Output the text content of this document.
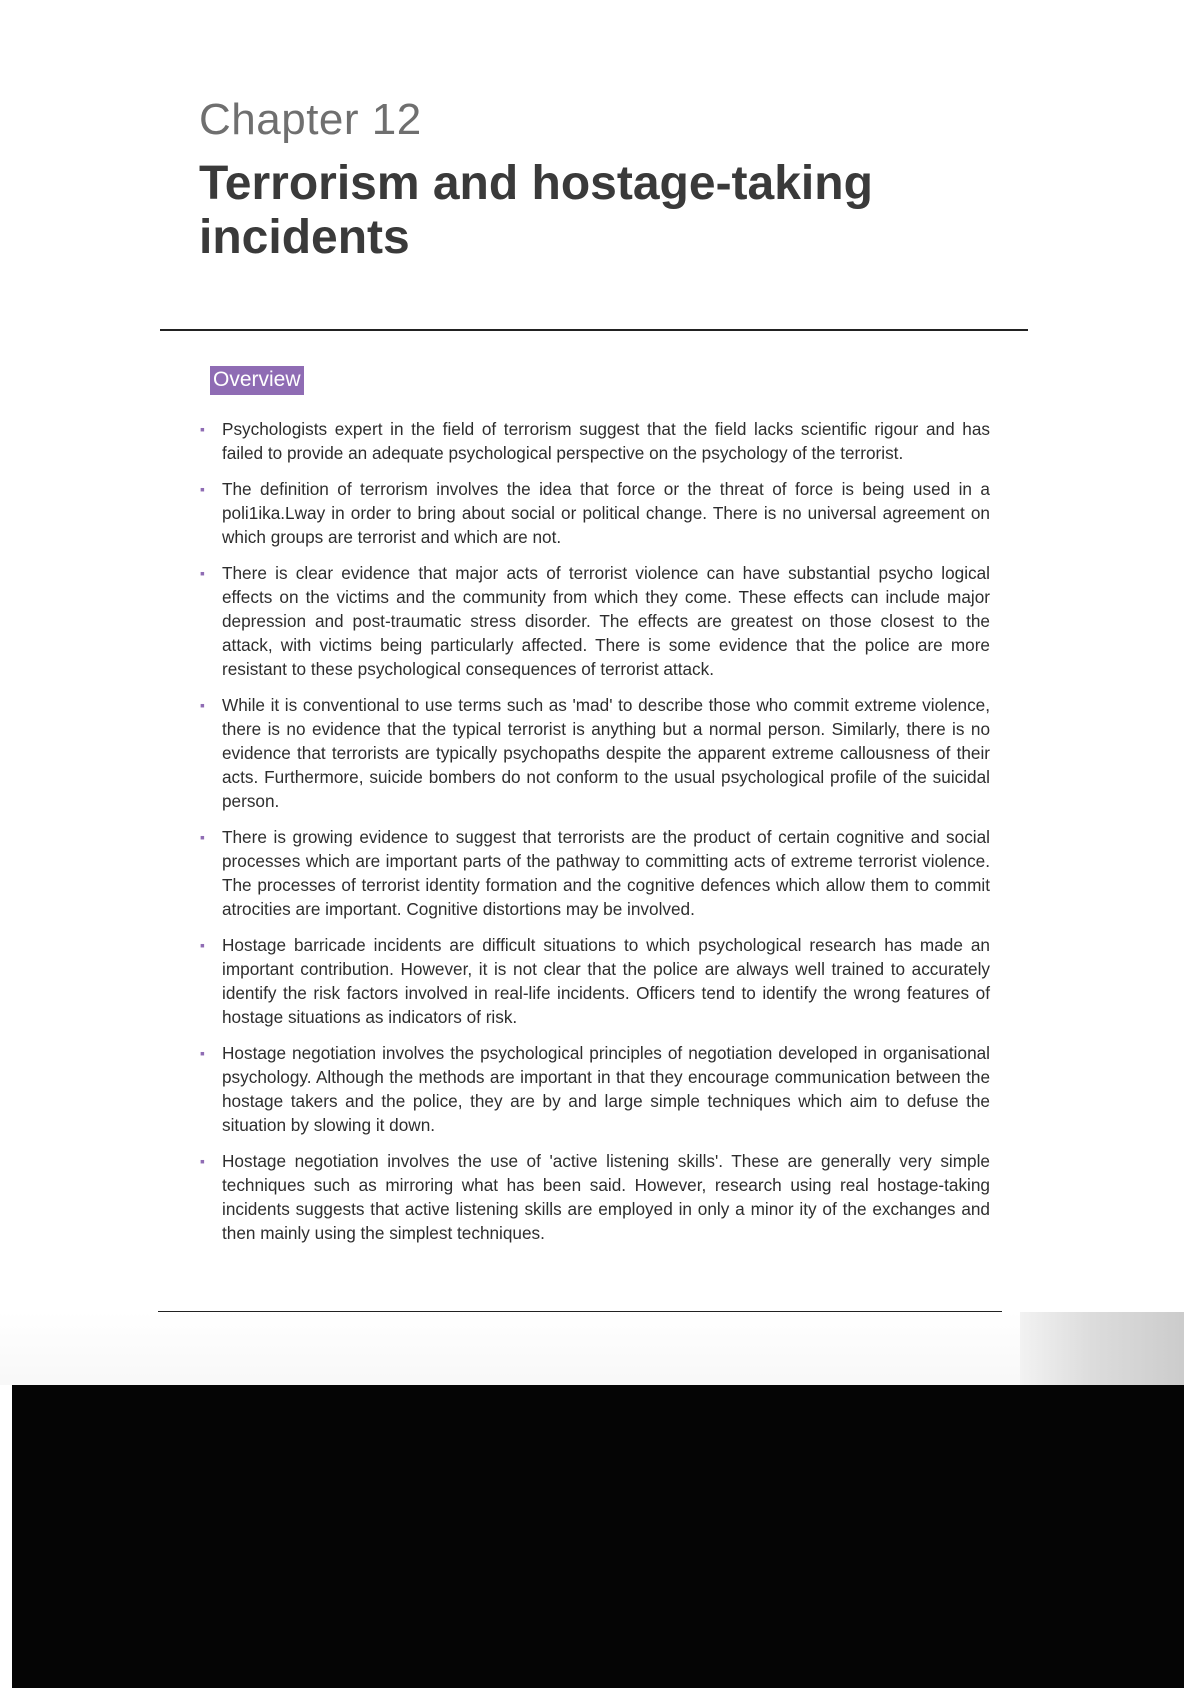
Chapter 12
Terrorism and hostage-taking incidents
Overview
▪ Psychologists expert in the field of terrorism suggest that the field lacks scientific rigour and has failed to provide an adequate psychological perspective on the psychology of the terrorist.
▪ The definition of terrorism involves the idea that force or the threat of force is being used in a poli1ika.Lway in order to bring about social or political change. There is no universal agreement on which groups are terrorist and which are not.
▪ There is clear evidence that major acts of terrorist violence can have substantial psycho logical effects on the victims and the community from which they come. These effects can include major depression and post-traumatic stress disorder. The effects are greatest on those closest to the attack, with victims being particularly affected. There is some evidence that the police are more resistant to these psychological consequences of terrorist attack.
▪ While it is conventional to use terms such as 'mad' to describe those who commit extreme violence, there is no evidence that the typical terrorist is anything but a normal person. Similarly, there is no evidence that terrorists are typically psychopaths despite the apparent extreme callousness of their acts. Furthermore, suicide bombers do not conform to the usual psychological profile of the suicidal person.
▪ There is growing evidence to suggest that terrorists are the product of certain cognitive and social processes which are important parts of the pathway to committing acts of extreme terrorist violence. The processes of terrorist identity formation and the cognitive defences which allow them to commit atrocities are important. Cognitive distortions may be involved.
▪ Hostage barricade incidents are difficult situations to which psychological research has made an important contribution. However, it is not clear that the police are always well trained to accurately identify the risk factors involved in real-life incidents. Officers tend to identify the wrong features of hostage situations as indicators of risk.
▪ Hostage negotiation involves the psychological principles of negotiation developed in organisational psychology. Although the methods are important in that they encourage communication between the hostage takers and the police, they are by and large simple techniques which aim to defuse the situation by slowing it down.
▪ Hostage negotiation involves the use of 'active listening skills'. These are generally very simple techniques such as mirroring what has been said. However, research using real hostage-taking incidents suggests that active listening skills are employed in only a minor ity of the exchanges and then mainly using the simplest techniques.
